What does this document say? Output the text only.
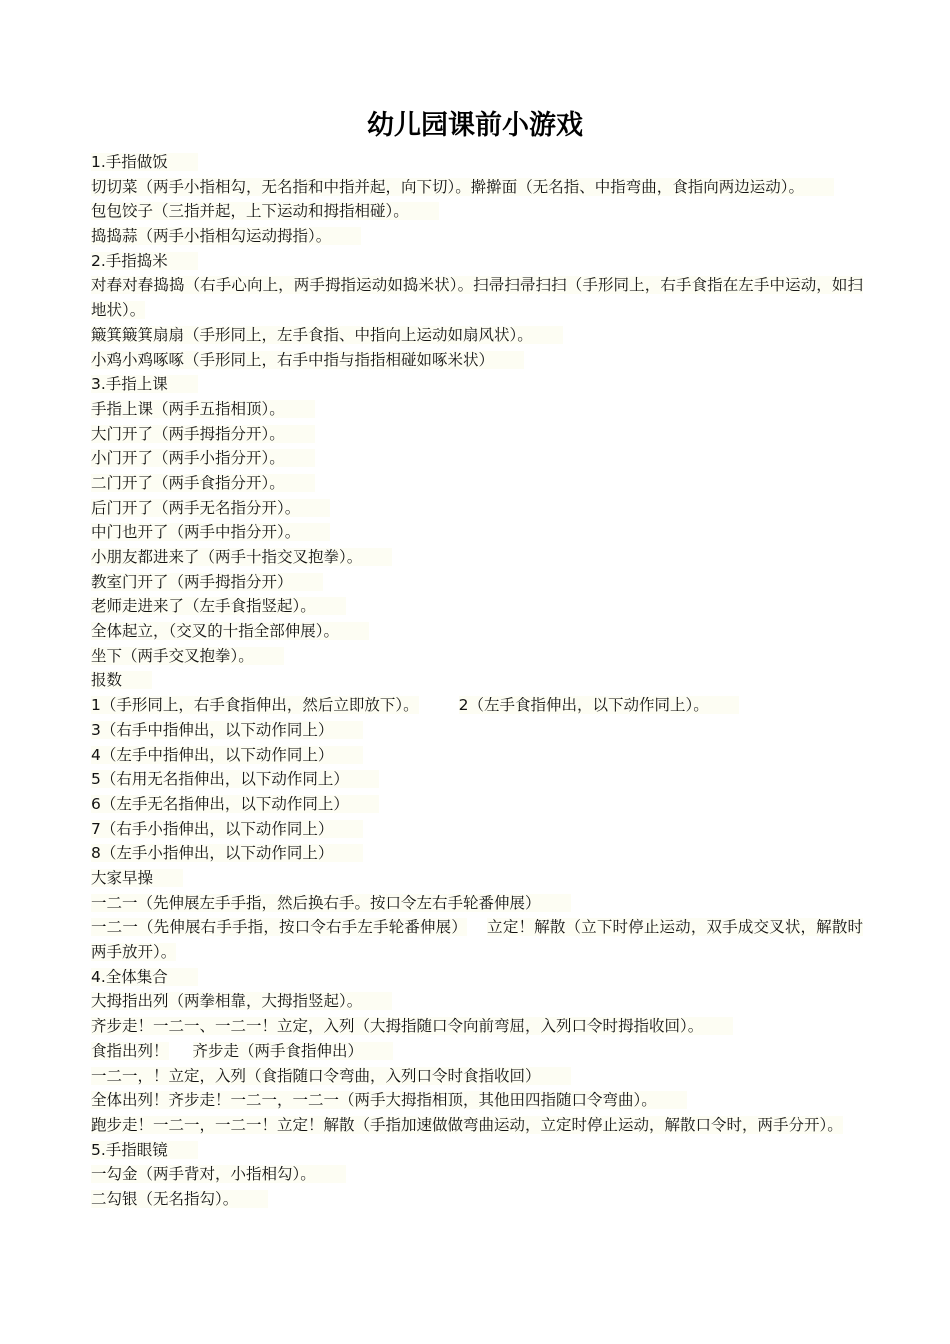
幼儿园课前小游戏
1.手指做饭
切切菜（两手小指相勾，无名指和中指并起，向下切）。擀擀面（无名指、中指弯曲，食指向两边运动）。
包包饺子（三指并起，上下运动和拇指相碰）。
捣捣蒜（两手小指相勾运动拇指）。
2.手指捣米
对春对春捣捣（右手心向上，两手拇指运动如捣米状）。扫帚扫帚扫扫（手形同上，右手食指在左手中运动，如扫地状）。
簸箕簸箕扇扇（手形同上，左手食指、中指向上运动如扇风状）。
小鸡小鸡啄啄（手形同上，右手中指与指指相碰如啄米状）
3.手指上课
手指上课（两手五指相顶）。
大门开了（两手拇指分开）。
小门开了（两手小指分开）。
二门开了（两手食指分开）。
后门开了（两手无名指分开）。
中门也开了（两手中指分开）。
小朋友都进来了（两手十指交叉抱拳）。
教室门开了（两手拇指分开）
老师走进来了（左手食指竖起）。
全体起立，（交叉的十指全部伸展）。
坐下（两手交叉抱拳）。
报数
1（手形同上，右手食指伸出，然后立即放下）。	2（左手食指伸出，以下动作同上）。
3（右手中指伸出，以下动作同上）
4（左手中指伸出，以下动作同上）
5（右用无名指伸出，以下动作同上）
6（左手无名指伸出，以下动作同上）
7（右手小指伸出，以下动作同上）
8（左手小指伸出，以下动作同上）
大家早操
一二一（先伸展左手手指，然后换右手。按口令左右手轮番伸展）
一二一（先伸展右手手指，按口令右手左手轮番伸展） 立定！解散（立下时停止运动，双手成交叉状，解散时两手放开）。
4.全体集合
大拇指出列（两拳相靠，大拇指竖起）。
齐步走！一二一、一二一！立定，入列（大拇指随口令向前弯屈，入列口令时拇指收回）。
食指出列！ 齐步走（两手食指伸出）
一二一，！立定，入列（食指随口令弯曲，入列口令时食指收回）
全体出列！齐步走！一二一，一二一（两手大拇指相顶，其他田四指随口令弯曲）。
跑步走！一二一，一二一！立定！解散（手指加速做做弯曲运动，立定时停止运动，解散口令时，两手分开）。
5.手指眼镜
一勾金（两手背对，小指相勾）。
二勾银（无名指勾）。
